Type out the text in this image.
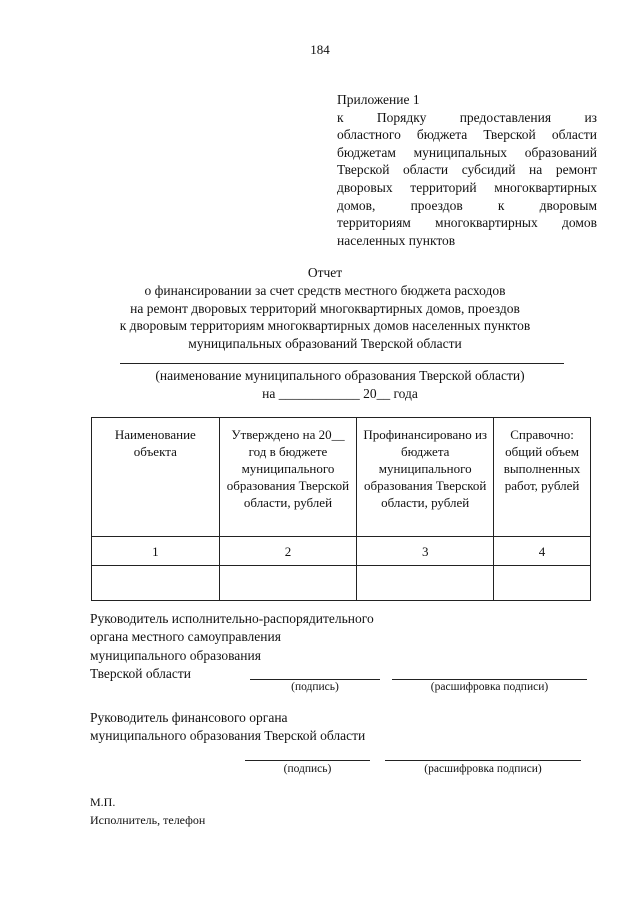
184
Приложение 1
к Порядку предоставления из
областного бюджета Тверской области
бюджетам муниципальных образований
Тверской области субсидий на ремонт
дворовых территорий многоквартирных
домов, проездов к дворовым
территориям многоквартирных домов
населенных пунктов
Отчет
о финансировании за счет средств местного бюджета расходов
на ремонт дворовых территорий многоквартирных домов, проездов
к дворовым территориям многоквартирных домов населенных пунктов
муниципальных образований Тверской области
(наименование муниципального образования Тверской области)
на ____________ 20__ года
Наименование объекта	Утверждено на 20__ год в бюджете муниципального образования Тверской области, рублей	Профинансировано из бюджета муниципального образования Тверской области, рублей	Справочно: общий объем выполненных работ, рублей
1	2	3	4

Руководитель исполнительно-распорядительного
органа местного самоуправления
муниципального образования
Тверской области
(подпись)	(расшифровка подписи)
Руководитель финансового органа
муниципального образования Тверской области
(подпись)	(расшифровка подписи)
М.П.
Исполнитель, телефон
